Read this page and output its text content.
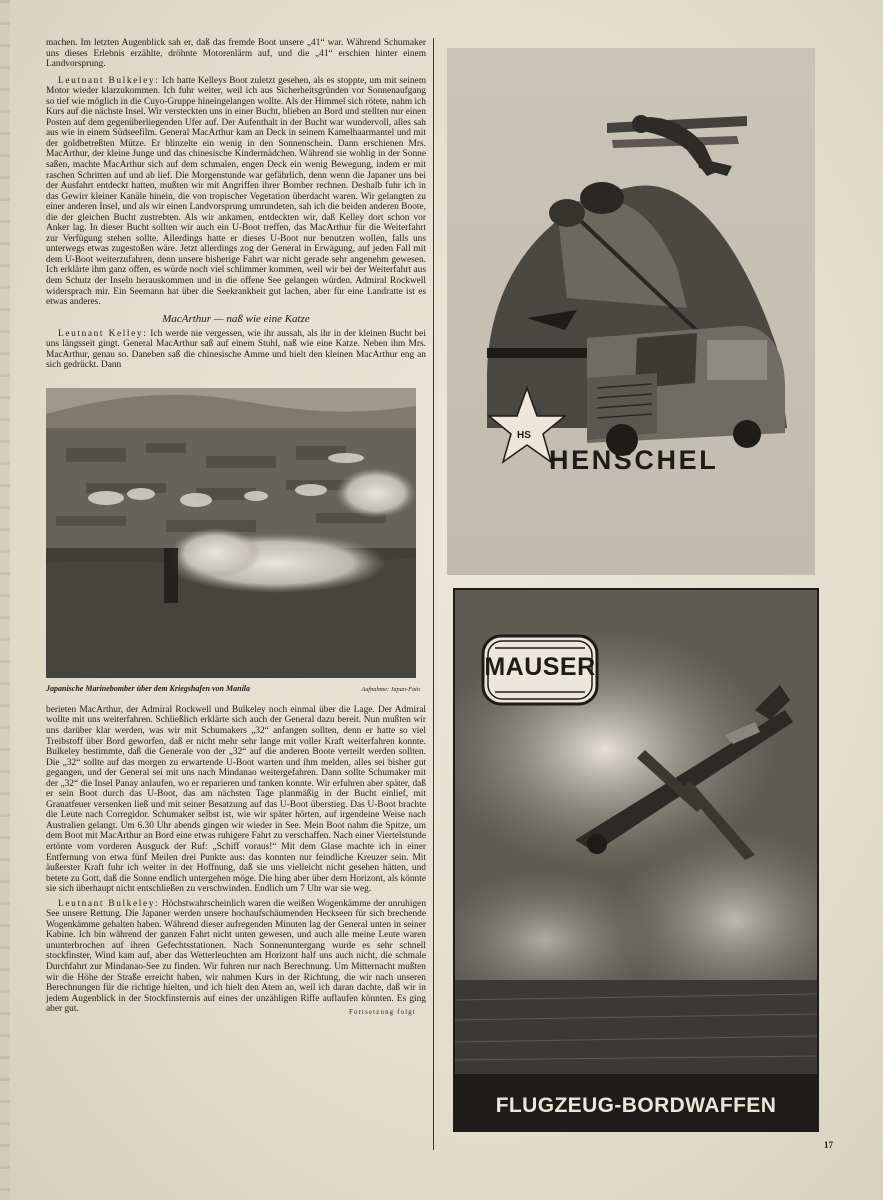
machen. Im letzten Augenblick sah er, daß das fremde Boot unsere „41“ war. Während Schumaker uns dieses Erlebnis erzählte, dröhnte Motorenlärm auf, und die „41“ erschien hinter einem Landvorsprung.

Leutnant Bulkeley: Ich hatte Kelleys Boot zuletzt gesehen, als es stoppte, um mit seinem Motor wieder klarzukommen. Ich fuhr weiter, weil ich aus Sicherheitsgründen vor Sonnenaufgang so tief wie möglich in die Cuyo-Gruppe hineingelangen wollte. Als der Himmel sich rötete, nahm ich Kurs auf die nächste Insel. Wir versteckten uns in einer Bucht, blieben an Bord und stellten nur einen Posten auf dem gegenüberliegenden Ufer auf. Der Aufenthalt in der Bucht war wundervoll, alles sah aus wie in einem Südseefilm. General MacArthur kam an Deck in seinem Kamelhaarmantel und mit der goldbetreßten Mütze. Er blinzelte ein wenig in den Sonnenschein. Dann erschienen Mrs. MacArthur, der kleine Junge und das chinesische Kindermädchen. Während sie wohlig in der Sonne saßen, machte MacArthur sich auf dem schmalen, engen Deck ein wenig Bewegung, indem er mit raschen Schritten auf und ab lief. Die Morgenstunde war gefährlich, denn wenn die Japaner uns bei der Ausfahrt entdeckt hatten, mußten wir mit Angriffen ihrer Bomber rechnen. Deshalb fuhr ich in das Gewirr kleiner Kanäle hinein, die von tropischer Vegetation überdacht waren. Wir gelangten zu einer anderen Insel, und als wir einen Landvorsprung umrundeten, sah ich die beiden anderen Boote, die der gleichen Bucht zustrebten. Als wir ankamen, entdeckten wir, daß Kelley dort schon vor Anker lag. In dieser Bucht sollten wir auch ein U-Boot treffen, das MacArthur für die Weiterfahrt zur Verfügung stehen sollte. Allerdings hatte er dieses U-Boot nur benutzen wollen, falls uns unterwegs etwas zugestoßen wäre. Jetzt allerdings zog der General in Erwägung, auf jeden Fall mit dem U-Boot weiterzufahren, denn unsere bisherige Fahrt war nicht gerade sehr angenehm gewesen. Ich erklärte ihm ganz offen, es würde noch viel schlimmer kommen, weil wir bei der Weiterfahrt aus dem Schutz der Inseln herauskommen und in die offene See gelangen würden. Admiral Rockwell widersprach mir. Ein Seemann hat über die Seekrankheit gut lachen, aber für eine Landratte ist es etwas anderes.

MacArthur — naß wie eine Katze

Leutnant Kelley: Ich werde nie vergessen, wie ihr aussah, als ihr in der kleinen Bucht bei uns längsseit gingt. General MacArthur saß auf einem Stuhl, naß wie eine Katze. Neben ihm Mrs. MacArthur, genau so. Daneben saß die chinesische Amme und hielt den kleinen MacArthur eng an sich gedrückt. Dann

Japanische Marinebomber über dem Kriegshafen von Manila	Aufnahme: Japan-Foto

berieten MacArthur, der Admiral Rockwell und Bulkeley noch einmal über die Lage. Der Admiral wollte mit uns weiterfahren. Schließlich erklärte sich auch der General dazu bereit. Nun mußten wir uns darüber klar werden, was wir mit Schumakers „32“ anfangen sollten, denn er hatte so viel Treibstoff über Bord geworfen, daß er nicht mehr sehr lange mit voller Kraft weiterfahren konnte. Bulkeley bestimmte, daß die Generale von der „32“ auf die anderen Boote verteilt werden sollten. Die „32“ sollte auf das morgen zu erwartende U-Boot warten und ihm melden, alles sei bisher gut gegangen, und der General sei mit uns nach Mindanao weitergefahren. Dann sollte Schumaker mit der „32“ die Insel Panay anlaufen, wo er reparieren und tanken konnte. Wir erfuhren aber später, daß er sein Boot durch das U-Boot, das am nächsten Tage planmäßig in der Bucht einlief, mit Granatfeuer versenken ließ und mit seiner Besatzung auf das U-Boot überstieg. Das U-Boot brachte die Leute nach Corregidor. Schumaker selbst ist, wie wir später hörten, auf irgendeine Weise nach Australien gelangt. Um 6.30 Uhr abends gingen wir wieder in See. Mein Boot nahm die Spitze, um dem Boot mit MacArthur an Bord eine etwas ruhigere Fahrt zu verschaffen. Nach einer Viertelstunde ertönte vom vorderen Ausguck der Ruf: „Schiff voraus!“ Mit dem Glase machte ich in einer Entfernung von etwa fünf Meilen drei Punkte aus: das konnten nur feindliche Kreuzer sein. Mit äußerster Kraft fuhr ich weiter in der Hoffnung, daß sie uns vielleicht nicht gesehen hätten, und betete zu Gott, daß die Sonne endlich untergehen möge. Die hing aber über dem Horizont, als könnte sie sich überhaupt nicht entschließen zu verschwinden. Endlich um 7 Uhr war sie weg.

Leutnant Bulkeley: Höchstwahrscheinlich waren die weißen Wogenkämme der unruhigen See unsere Rettung. Die Japaner werden unsere hochaufschäumenden Heckseen für sich brechende Wogenkämme gehalten haben. Während dieser aufregenden Minuten lag der General unten in seiner Kabine. Ich bin während der ganzen Fahrt nicht unten gewesen, und auch alle meine Leute waren ununterbrochen auf ihren Gefechtsstationen. Nach Sonnenuntergang wurde es sehr schnell stockfinster, Wind kam auf, aber das Wetterleuchten am Horizont half uns auch nicht, die schmale Durchfahrt zur Mindanao-See zu finden. Wir fuhren nur nach Berechnung. Um Mitternacht mußten wir die Höhe der Straße erreicht haben, wir nahmen Kurs in der Richtung, die wir nach unseren Berechnungen für die richtige hielten, und ich hielt den Atem an, weil ich daran dachte, daß wir in jedem Augenblick in der Stockfinsternis auf eines der unzähligen Riffe auflaufen könnten. Es ging aber gut.	Fortsetzung folgt
HENSCHEL
HS
MAUSER
FLUGZEUG-BORDWAFFEN
17
